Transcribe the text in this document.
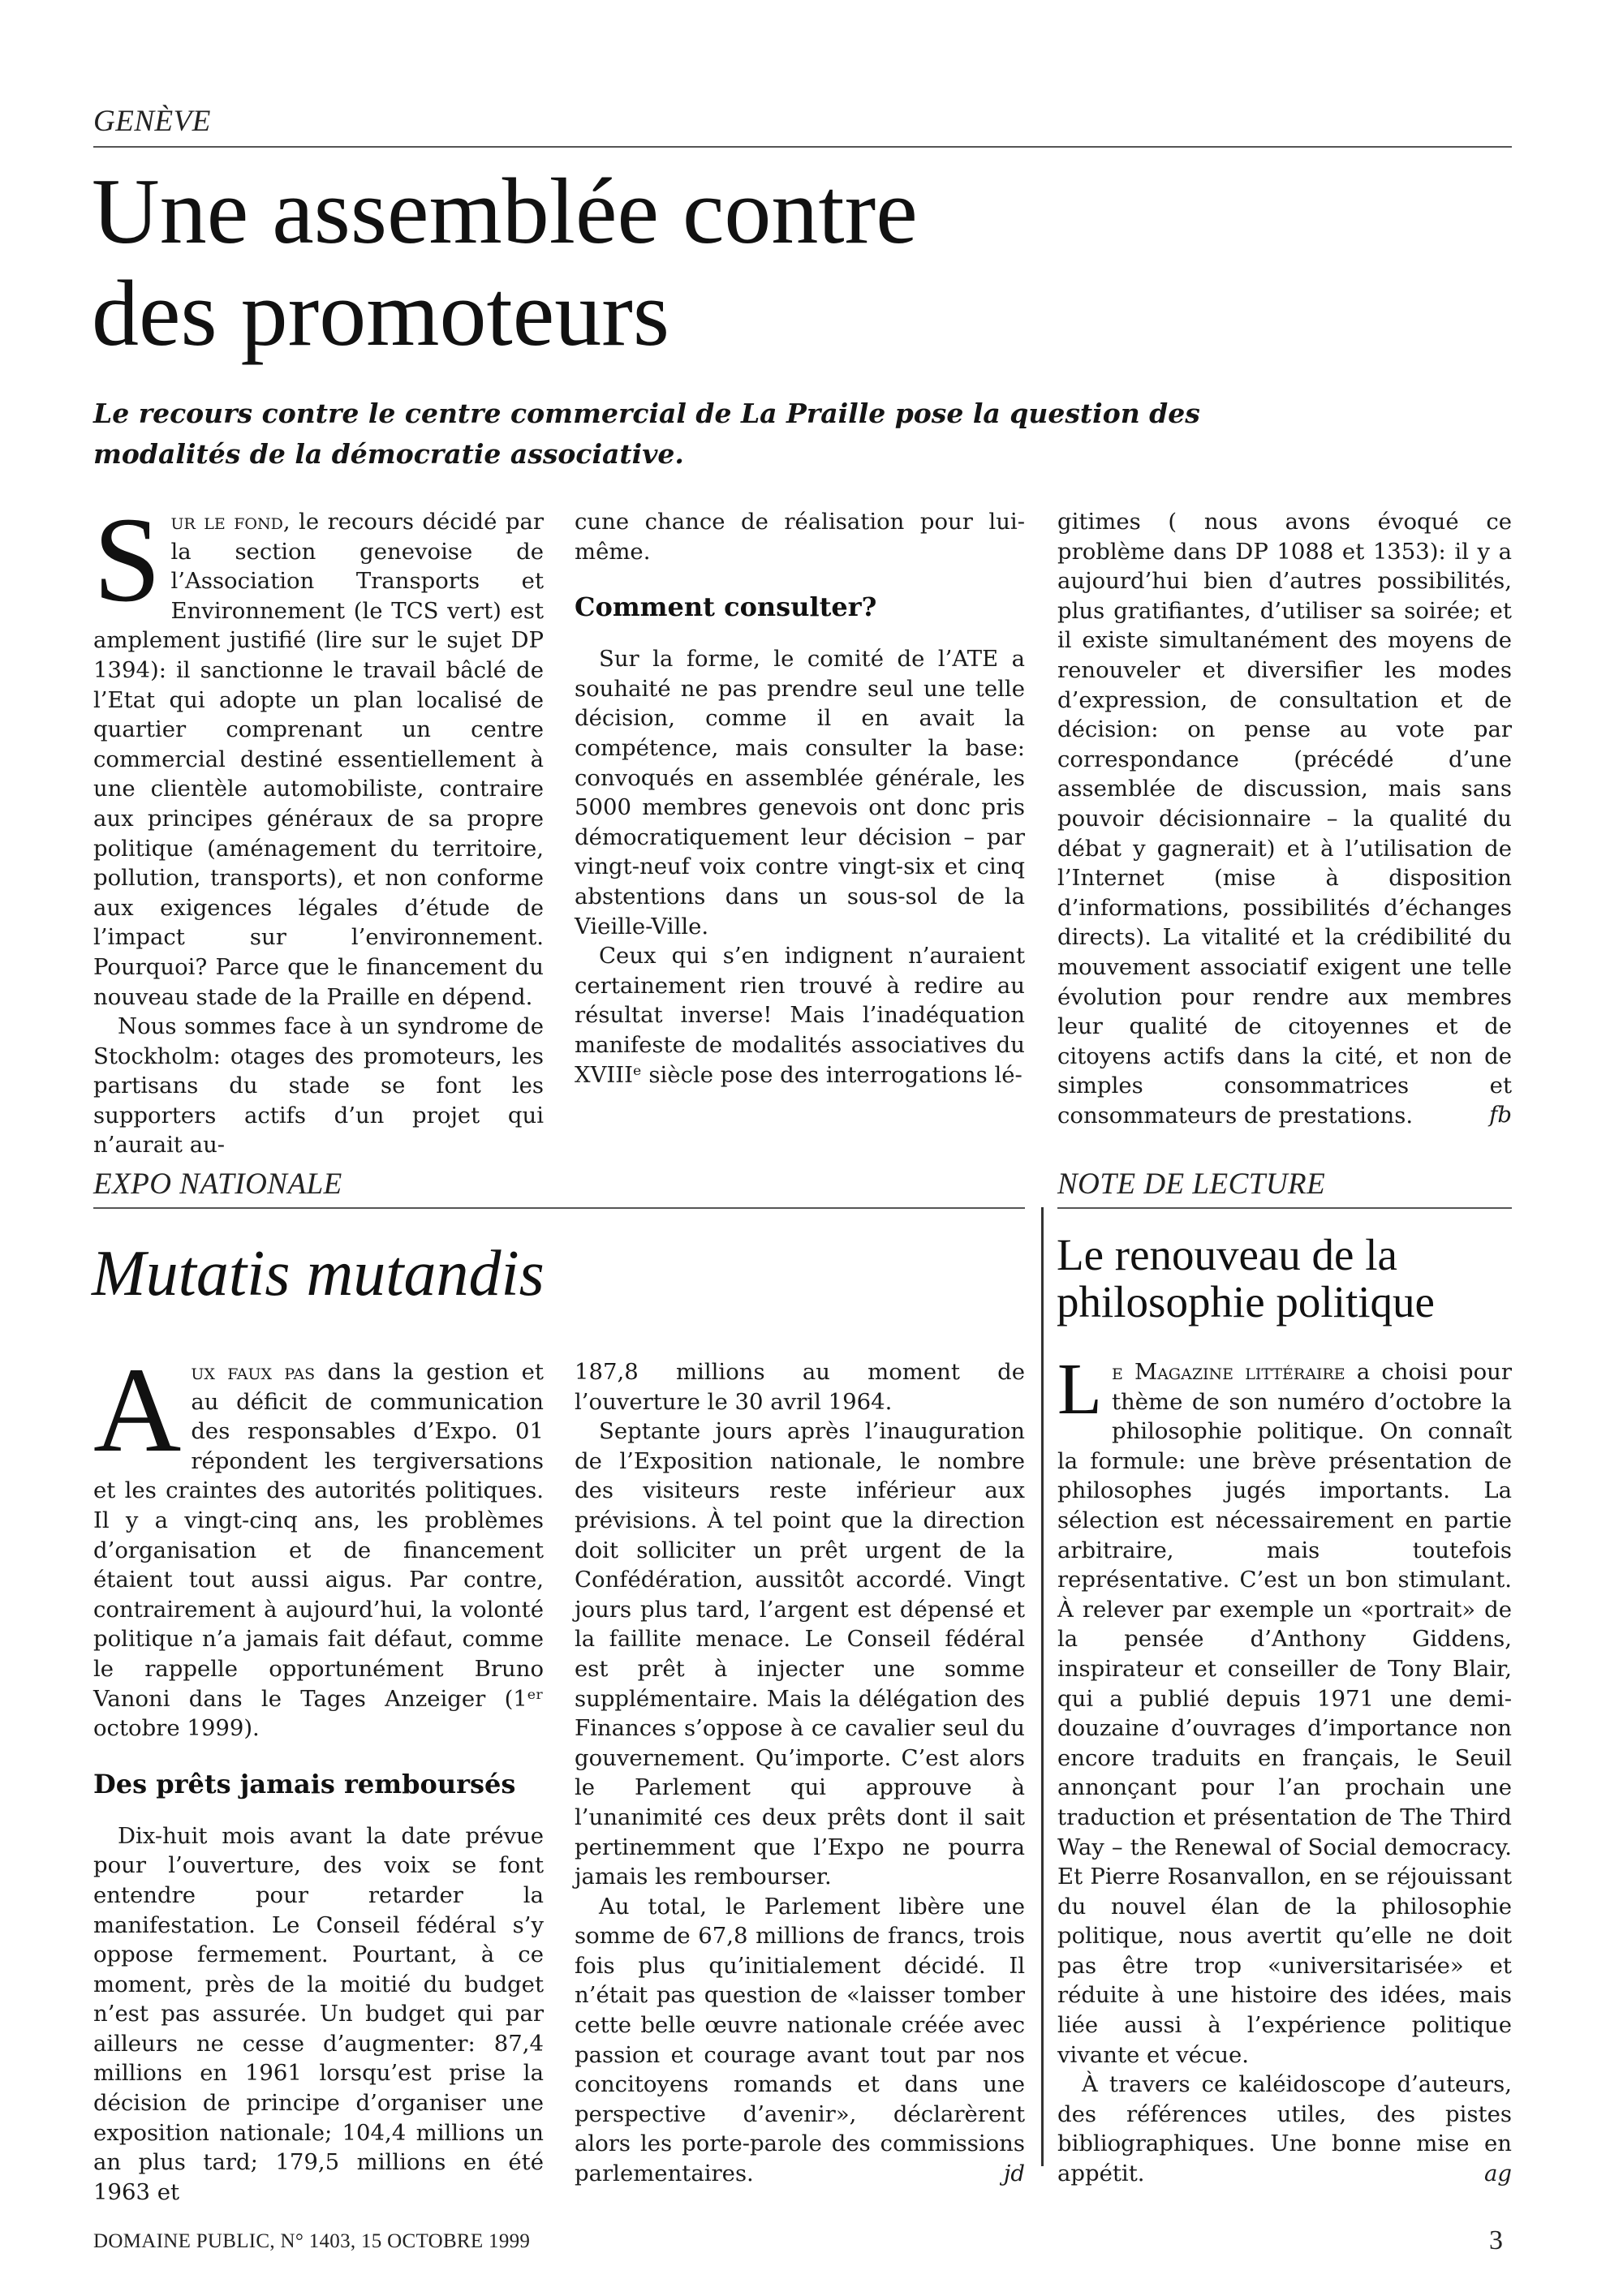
GENÈVE
Une assemblée contre
des promoteurs

Le recours contre le centre commercial de La Praille pose la question des
modalités de la démocratie associative.

Sur le fond, le recours décidé par la section genevoise de l’Association Transports et Environnement (le TCS vert) est amplement justifié (lire sur le sujet DP 1394): il sanctionne le travail bâclé de l’Etat qui adopte un plan localisé de quartier comprenant un centre commercial destiné essentiellement à une clientèle automobiliste, contraire aux principes généraux de sa propre politique (aménagement du territoire, pollution, transports), et non conforme aux exigences légales d’étude de l’impact sur l’environnement. Pourquoi? Parce que le financement du nouveau stade de la Praille en dépend.

Nous sommes face à un syndrome de Stockholm: otages des promoteurs, les partisans du stade se font les supporters actifs d’un projet qui n’aurait au-

cune chance de réalisation pour lui-même.

Comment consulter?

Sur la forme, le comité de l’ATE a souhaité ne pas prendre seul une telle décision, comme il en avait la compétence, mais consulter la base: convoqués en assemblée générale, les 5000 membres genevois ont donc pris démocratiquement leur décision – par vingt-neuf voix contre vingt-six et cinq abstentions dans un sous-sol de la Vieille-Ville.

Ceux qui s’en indignent n’auraient certainement rien trouvé à redire au résultat inverse! Mais l’inadéquation manifeste de modalités associatives du XVIIIᵉ siècle pose des interrogations lé-

gitimes ( nous avons évoqué ce problème dans DP 1088 et 1353): il y a aujourd’hui bien d’autres possibilités, plus gratifiantes, d’utiliser sa soirée; et il existe simultanément des moyens de renouveler et diversifier les modes d’expression, de consultation et de décision: on pense au vote par correspondance (précédé d’une assemblée de discussion, mais sans pouvoir décisionnaire – la qualité du débat y gagnerait) et à l’utilisation de l’Internet (mise à disposition d’informations, possibilités d’échanges directs). La vitalité et la crédibilité du mouvement associatif exigent une telle évolution pour rendre aux membres leur qualité de citoyennes et de citoyens actifs dans la cité, et non de simples consommatrices et consommateurs de prestations.	fb
EXPO NATIONALE
Mutatis mutandis

Aux faux pas dans la gestion et au déficit de communication des responsables d’Expo. 01 répondent les tergiversations et les craintes des autorités politiques. Il y a vingt-cinq ans, les problèmes d’organisation et de financement étaient tout aussi aigus. Par contre, contrairement à aujourd’hui, la volonté politique n’a jamais fait défaut, comme le rappelle opportunément Bruno Vanoni dans le Tages Anzeiger (1ᵉʳ octobre 1999).

Des prêts jamais remboursés

Dix-huit mois avant la date prévue pour l’ouverture, des voix se font entendre pour retarder la manifestation. Le Conseil fédéral s’y oppose fermement. Pourtant, à ce moment, près de la moitié du budget n’est pas assurée. Un budget qui par ailleurs ne cesse d’augmenter: 87,4 millions en 1961 lorsqu’est prise la décision de principe d’organiser une exposition nationale; 104,4 millions un an plus tard; 179,5 millions en été 1963 et

187,8 millions au moment de l’ouverture le 30 avril 1964.

Septante jours après l’inauguration de l’Exposition nationale, le nombre des visiteurs reste inférieur aux prévisions. À tel point que la direction doit solliciter un prêt urgent de la Confédération, aussitôt accordé. Vingt jours plus tard, l’argent est dépensé et la faillite menace. Le Conseil fédéral est prêt à injecter une somme supplémentaire. Mais la délégation des Finances s’oppose à ce cavalier seul du gouvernement. Qu’importe. C’est alors le Parlement qui approuve à l’unanimité ces deux prêts dont il sait pertinemment que l’Expo ne pourra jamais les rembourser.

Au total, le Parlement libère une somme de 67,8 millions de francs, trois fois plus qu’initialement décidé. Il n’était pas question de «laisser tomber cette belle œuvre nationale créée avec passion et courage avant tout par nos concitoyens romands et dans une perspective d’avenir», déclarèrent alors les porte-parole des commissions parlementaires.	jd
NOTE DE LECTURE
Le renouveau de la
philosophie politique

Le Magazine littéraire a choisi pour thème de son numéro d’octobre la philosophie politique. On connaît la formule: une brève présentation de philosophes jugés importants. La sélection est nécessairement en partie arbitraire, mais toutefois représentative. C’est un bon stimulant. À relever par exemple un «portrait» de la pensée d’Anthony Giddens, inspirateur et conseiller de Tony Blair, qui a publié depuis 1971 une demi-douzaine d’ouvrages d’importance non encore traduits en français, le Seuil annonçant pour l’an prochain une traduction et présentation de The Third Way – the Renewal of Social democracy. Et Pierre Rosanvallon, en se réjouissant du nouvel élan de la philosophie politique, nous avertit qu’elle ne doit pas être trop «universitarisée» et réduite à une histoire des idées, mais liée aussi à l’expérience politique vivante et vécue.

À travers ce kaléidoscope d’auteurs, des références utiles, des pistes bibliographiques. Une bonne mise en appétit.	ag
DOMAINE PUBLIC, N° 1403, 15 OCTOBRE 1999	3
